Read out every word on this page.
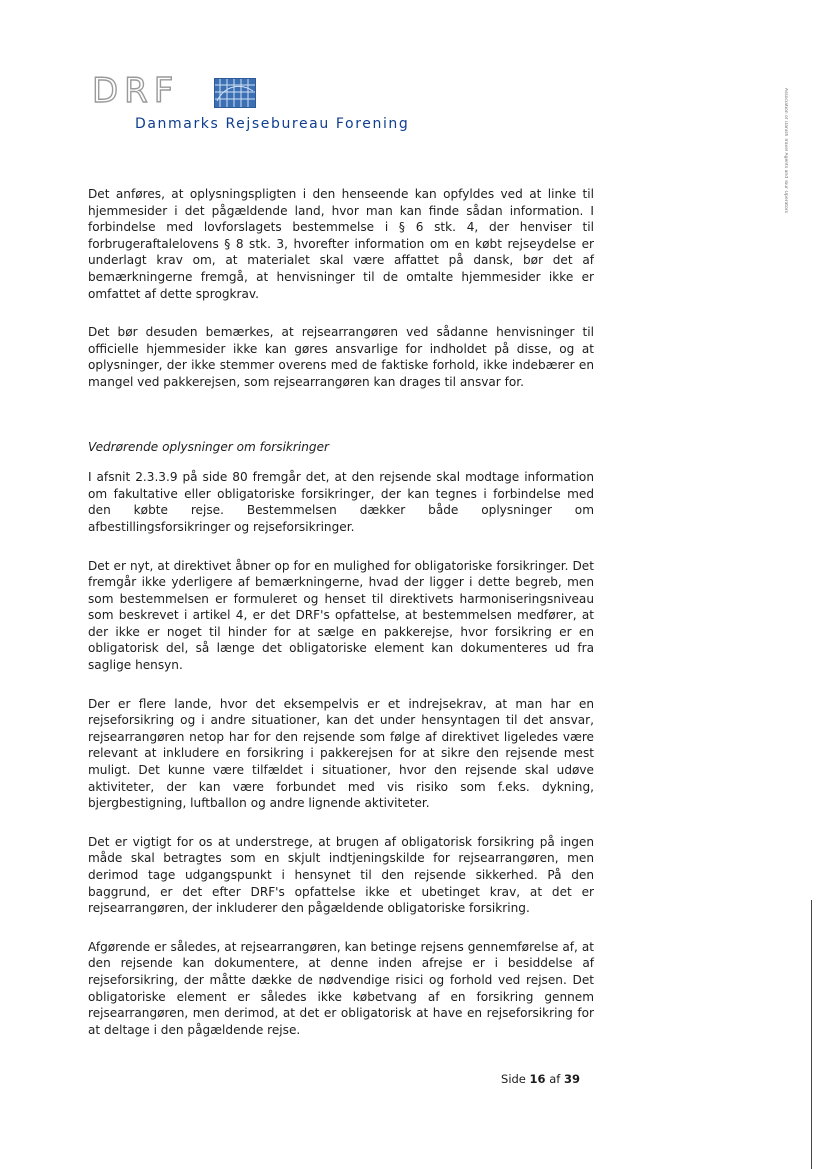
DRF
Danmarks Rejsebureau Forening	Association of Danish Travel Agents and Tour Operators

Det anføres, at oplysningspligten i den henseende kan opfyldes ved at linke til hjemmesider i det pågældende land, hvor man kan finde sådan information. I forbindelse med lovforslagets bestemmelse i § 6 stk. 4, der henviser til forbrugeraftalelovens § 8 stk. 3, hvorefter information om en købt rejseydelse er underlagt krav om, at materialet skal være affattet på dansk, bør det af bemærkningerne fremgå, at henvisninger til de omtalte hjemmesider ikke er omfattet af dette sprogkrav.

Det bør desuden bemærkes, at rejsearrangøren ved sådanne henvisninger til officielle hjemmesider ikke kan gøres ansvarlige for indholdet på disse, og at oplysninger, der ikke stemmer overens med de faktiske forhold, ikke indebærer en mangel ved pakkerejsen, som rejsearrangøren kan drages til ansvar for.

Vedrørende oplysninger om forsikringer

I afsnit 2.3.3.9 på side 80 fremgår det, at den rejsende skal modtage information om fakultative eller obligatoriske forsikringer, der kan tegnes i forbindelse med den købte rejse. Bestemmelsen dækker både oplysninger om afbestillingsforsikringer og rejseforsikringer.

Det er nyt, at direktivet åbner op for en mulighed for obligatoriske forsikringer. Det fremgår ikke yderligere af bemærkningerne, hvad der ligger i dette begreb, men som bestemmelsen er formuleret og henset til direktivets harmoniseringsniveau som beskrevet i artikel 4, er det DRF's opfattelse, at bestemmelsen medfører, at der ikke er noget til hinder for at sælge en pakkerejse, hvor forsikring er en obligatorisk del, så længe det obligatoriske element kan dokumenteres ud fra saglige hensyn.

Der er flere lande, hvor det eksempelvis er et indrejsekrav, at man har en rejseforsikring og i andre situationer, kan det under hensyntagen til det ansvar, rejsearrangøren netop har for den rejsende som følge af direktivet ligeledes være relevant at inkludere en forsikring i pakkerejsen for at sikre den rejsende mest muligt. Det kunne være tilfældet i situationer, hvor den rejsende skal udøve aktiviteter, der kan være forbundet med vis risiko som f.eks. dykning, bjergbestigning, luftballon og andre lignende aktiviteter.

Det er vigtigt for os at understrege, at brugen af obligatorisk forsikring på ingen måde skal betragtes som en skjult indtjeningskilde for rejsearrangøren, men derimod tage udgangspunkt i hensynet til den rejsende sikkerhed. På den baggrund, er det efter DRF's opfattelse ikke et ubetinget krav, at det er rejsearrangøren, der inkluderer den pågældende obligatoriske forsikring.

Afgørende er således, at rejsearrangøren, kan betinge rejsens gennemførelse af, at den rejsende kan dokumentere, at denne inden afrejse er i besiddelse af rejseforsikring, der måtte dække de nødvendige risici og forhold ved rejsen. Det obligatoriske element er således ikke købetvang af en forsikring gennem rejsearrangøren, men derimod, at det er obligatorisk at have en rejseforsikring for at deltage i den pågældende rejse.

Side 16 af 39
